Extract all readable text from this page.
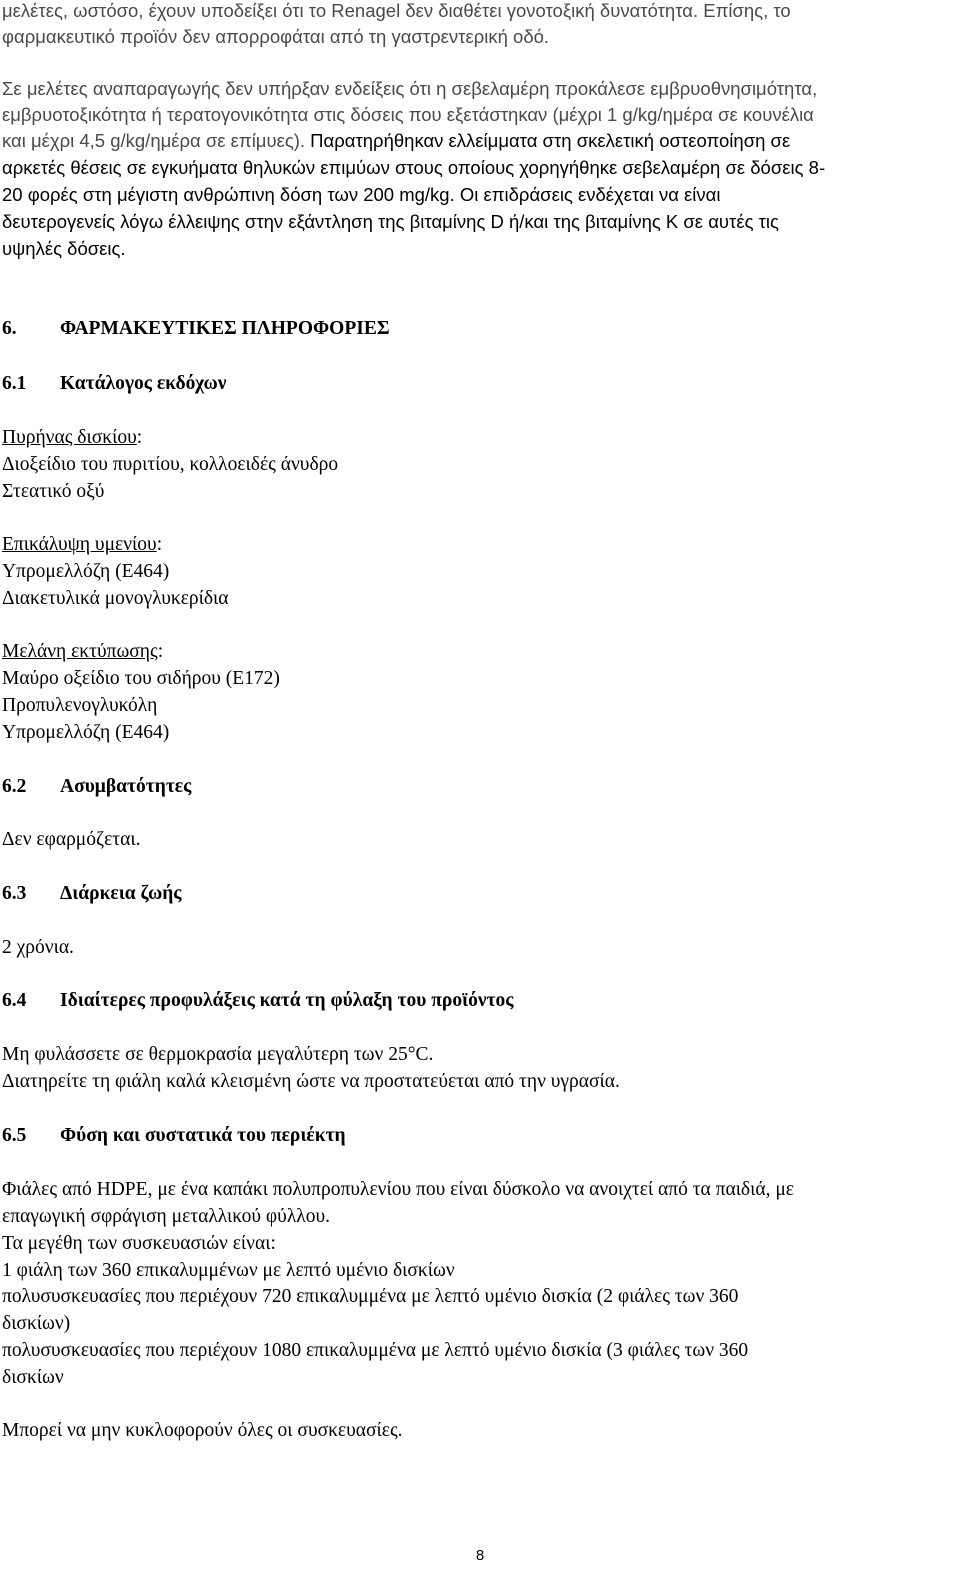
μελέτες, ωστόσο, έχουν υποδείξει ότι το Renagel δεν διαθέτει γονοτοξική δυνατότητα. Επίσης, το
φαρμακευτικό προϊόν δεν απορροφάται από τη γαστρεντερική οδό.
Σε μελέτες αναπαραγωγής δεν υπήρξαν ενδείξεις ότι η σεβελαμέρη προκάλεσε εμβρυοθνησιμότητα,
εμβρυοτοξικότητα ή τερατογονικότητα στις δόσεις που εξετάστηκαν (μέχρι 1 g/kg/ημέρα σε κουνέλια
και μέχρι 4,5 g/kg/ημέρα σε επίμυες). Παρατηρήθηκαν ελλείμματα στη σκελετική οστεοποίηση σε
αρκετές θέσεις σε εγκυήματα θηλυκών επιμύων στους οποίους χορηγήθηκε σεβελαμέρη σε δόσεις 8-
20 φορές στη μέγιστη ανθρώπινη δόση των 200 mg/kg. Οι επιδράσεις ενδέχεται να είναι
δευτερογενείς λόγω έλλειψης στην εξάντληση της βιταμίνης D ή/και της βιταμίνης K σε αυτές τις
υψηλές δόσεις.
6. ΦΑΡΜΑΚΕΥΤΙΚΕΣ ΠΛΗΡΟΦΟΡΙΕΣ
6.1 Κατάλογος εκδόχων
Πυρήνας δισκίου:
Διοξείδιο του πυριτίου, κολλοειδές άνυδρο
Στεατικό οξύ
Επικάλυψη υμενίου:
Υπρομελλόζη (E464)
Διακετυλικά μονογλυκερίδια
Μελάνη εκτύπωσης:
Μαύρο οξείδιο του σιδήρου (E172)
Προπυλενογλυκόλη
Υπρομελλόζη (E464)
6.2 Ασυμβατότητες
Δεν εφαρμόζεται.
6.3 Διάρκεια ζωής
2 χρόνια.
6.4 Ιδιαίτερες προφυλάξεις κατά τη φύλαξη του προϊόντος
Μη φυλάσσετε σε θερμοκρασία μεγαλύτερη των 25°C.
Διατηρείτε τη φιάλη καλά κλεισμένη ώστε να προστατεύεται από την υγρασία.
6.5 Φύση και συστατικά του περιέκτη
Φιάλες από HDPE, με ένα καπάκι πολυπροπυλενίου που είναι δύσκολο να ανοιχτεί από τα παιδιά, με
επαγωγική σφράγιση μεταλλικού φύλλου.
Τα μεγέθη των συσκευασιών είναι:
1 φιάλη των 360 επικαλυμμένων με λεπτό υμένιο δισκίων
πολυσυσκευασίες που περιέχουν 720 επικαλυμμένα με λεπτό υμένιο δισκία (2 φιάλες των 360
δισκίων)
πολυσυσκευασίες που περιέχουν 1080 επικαλυμμένα με λεπτό υμένιο δισκία (3 φιάλες των 360
δισκίων
Μπορεί να μην κυκλοφορούν όλες οι συσκευασίες.
8
